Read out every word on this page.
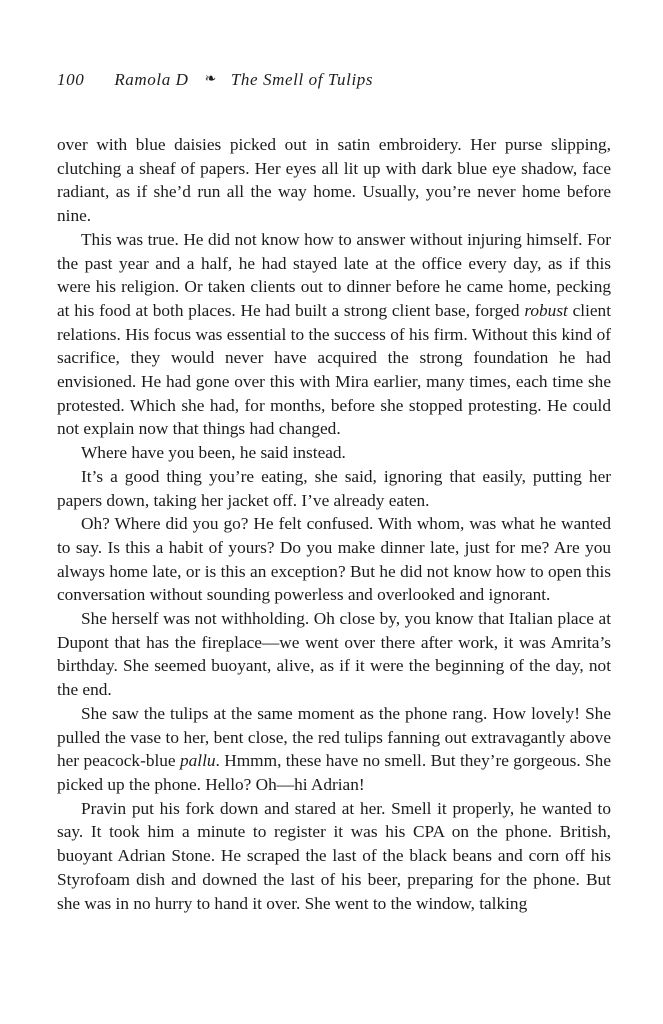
100 Ramola D ❧ The Smell of Tulips

over with blue daisies picked out in satin embroidery. Her purse slipping, clutching a sheaf of papers. Her eyes all lit up with dark blue eye shadow, face radiant, as if she’d run all the way home. Usually, you’re never home before nine.

This was true. He did not know how to answer without injuring himself. For the past year and a half, he had stayed late at the office every day, as if this were his religion. Or taken clients out to dinner before he came home, pecking at his food at both places. He had built a strong client base, forged robust client relations. His focus was essential to the success of his firm. Without this kind of sacrifice, they would never have acquired the strong foundation he had envisioned. He had gone over this with Mira earlier, many times, each time she protested. Which she had, for months, before she stopped protesting. He could not explain now that things had changed.

Where have you been, he said instead.

It’s a good thing you’re eating, she said, ignoring that easily, putting her papers down, taking her jacket off. I’ve already eaten.

Oh? Where did you go? He felt confused. With whom, was what he wanted to say. Is this a habit of yours? Do you make dinner late, just for me? Are you always home late, or is this an exception? But he did not know how to open this conversation without sounding powerless and overlooked and ignorant.

She herself was not withholding. Oh close by, you know that Italian place at Dupont that has the fireplace—we went over there after work, it was Amrita’s birthday. She seemed buoyant, alive, as if it were the beginning of the day, not the end.

She saw the tulips at the same moment as the phone rang. How lovely! She pulled the vase to her, bent close, the red tulips fanning out extravagantly above her peacock-blue pallu. Hmmm, these have no smell. But they’re gorgeous. She picked up the phone. Hello? Oh—hi Adrian!

Pravin put his fork down and stared at her. Smell it properly, he wanted to say. It took him a minute to register it was his CPA on the phone. British, buoyant Adrian Stone. He scraped the last of the black beans and corn off his Styrofoam dish and downed the last of his beer, preparing for the phone. But she was in no hurry to hand it over. She went to the window, talking
